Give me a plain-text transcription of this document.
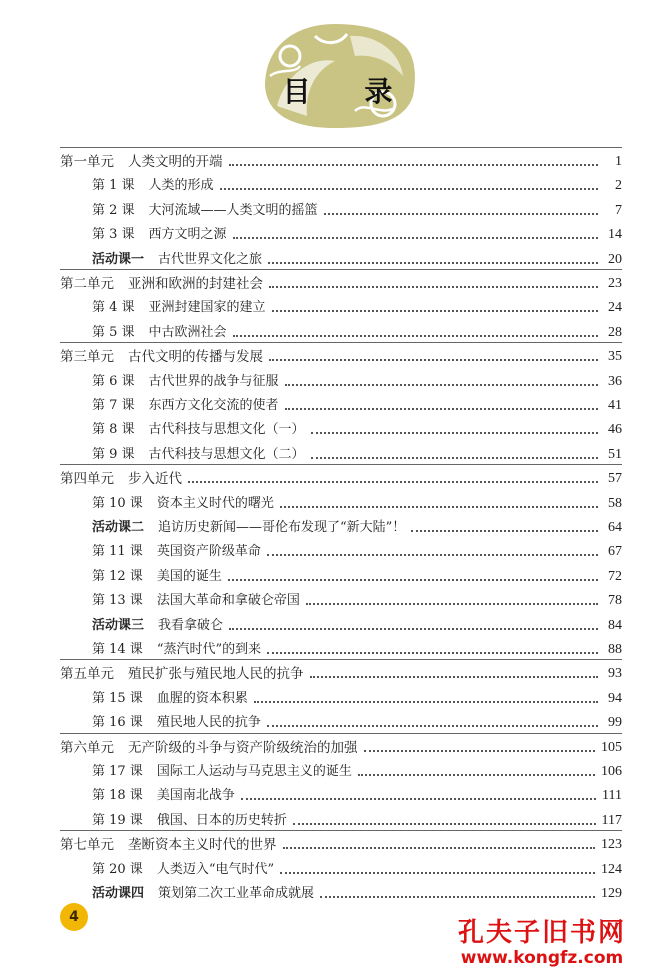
目 录
第一单元 人类文明的开端	1
第 1 课 人类的形成	2
第 2 课 大河流域——人类文明的摇篮	7
第 3 课 西方文明之源	14
活动课一 古代世界文化之旅	20
第二单元 亚洲和欧洲的封建社会	23
第 4 课 亚洲封建国家的建立	24
第 5 课 中古欧洲社会	28
第三单元 古代文明的传播与发展	35
第 6 课 古代世界的战争与征服	36
第 7 课 东西方文化交流的使者	41
第 8 课 古代科技与思想文化（一）	46
第 9 课 古代科技与思想文化（二）	51
第四单元 步入近代	57
第 10 课 资本主义时代的曙光	58
活动课二 追访历史新闻——哥伦布发现了“新大陆”！	64
第 11 课 英国资产阶级革命	67
第 12 课 美国的诞生	72
第 13 课 法国大革命和拿破仑帝国	78
活动课三 我看拿破仑	84
第 14 课 “蒸汽时代”的到来	88
第五单元 殖民扩张与殖民地人民的抗争	93
第 15 课 血腥的资本积累	94
第 16 课 殖民地人民的抗争	99
第六单元 无产阶级的斗争与资产阶级统治的加强	105
第 17 课 国际工人运动与马克思主义的诞生	106
第 18 课 美国南北战争	111
第 19 课 俄国、日本的历史转折	117
第七单元 垄断资本主义时代的世界	123
第 20 课 人类迈入“电气时代”	124
活动课四 策划第二次工业革命成就展	129
4
孔夫子旧书网
www.kongfz.com
